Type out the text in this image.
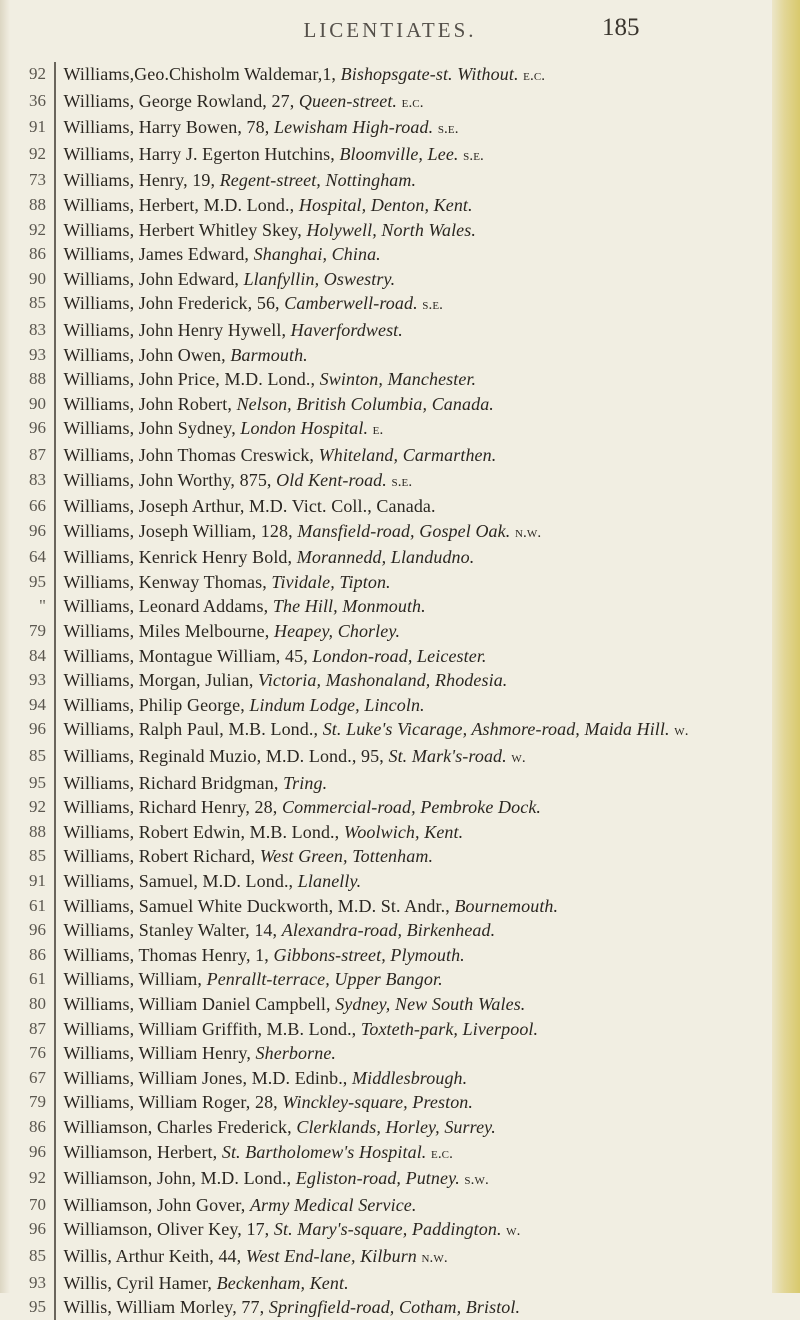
LICENTIATES.	185
92 Williams,Geo.Chisholm Waldemar,1, Bishopsgate-st. Without. e.c.
36 Williams, George Rowland, 27, Queen-street. e.c.
91 Williams, Harry Bowen, 78, Lewisham High-road. s.e.
92 Williams, Harry J. Egerton Hutchins, Bloomville, Lee. s.e.
73 Williams, Henry, 19, Regent-street, Nottingham.
88 Williams, Herbert, M.D. Lond., Hospital, Denton, Kent.
92 Williams, Herbert Whitley Skey, Holywell, North Wales.
86 Williams, James Edward, Shanghai, China.
90 Williams, John Edward, Llanfyllin, Oswestry.
85 Williams, John Frederick, 56, Camberwell-road. s.e.
83 Williams, John Henry Hywell, Haverfordwest.
93 Williams, John Owen, Barmouth.
88 Williams, John Price, M.D. Lond., Swinton, Manchester.
90 Williams, John Robert, Nelson, British Columbia, Canada.
96 Williams, John Sydney, London Hospital. e.
87 Williams, John Thomas Creswick, Whiteland, Carmarthen.
83 Williams, John Worthy, 875, Old Kent-road. s.e.
66 Williams, Joseph Arthur, M.D. Vict. Coll., Canada.
96 Williams, Joseph William, 128, Mansfield-road, Gospel Oak. n.w.
64 Williams, Kenrick Henry Bold, Morannedd, Llandudno.
95 Williams, Kenway Thomas, Tividale, Tipton.
" Williams, Leonard Addams, The Hill, Monmouth.
79 Williams, Miles Melbourne, Heapey, Chorley.
84 Williams, Montague William, 45, London-road, Leicester.
93 Williams, Morgan, Julian, Victoria, Mashonaland, Rhodesia.
94 Williams, Philip George, Lindum Lodge, Lincoln.
96 Williams, Ralph Paul, M.B. Lond., St. Luke's Vicarage, Ashmore-road, Maida Hill. w.
85 Williams, Reginald Muzio, M.D. Lond., 95, St. Mark's-road. w.
95 Williams, Richard Bridgman, Tring.
92 Williams, Richard Henry, 28, Commercial-road, Pembroke Dock.
88 Williams, Robert Edwin, M.B. Lond., Woolwich, Kent.
85 Williams, Robert Richard, West Green, Tottenham.
91 Williams, Samuel, M.D. Lond., Llanelly.
61 Williams, Samuel White Duckworth, M.D. St. Andr., Bournemouth.
96 Williams, Stanley Walter, 14, Alexandra-road, Birkenhead.
86 Williams, Thomas Henry, 1, Gibbons-street, Plymouth.
61 Williams, William, Penrallt-terrace, Upper Bangor.
80 Williams, William Daniel Campbell, Sydney, New South Wales.
87 Williams, William Griffith, M.B. Lond., Toxteth-park, Liverpool.
76 Williams, William Henry, Sherborne.
67 Williams, William Jones, M.D. Edinb., Middlesbrough.
79 Williams, William Roger, 28, Winckley-square, Preston.
86 Williamson, Charles Frederick, Clerklands, Horley, Surrey.
96 Williamson, Herbert, St. Bartholomew's Hospital. e.c.
92 Williamson, John, M.D. Lond., Egliston-road, Putney. s.w.
70 Williamson, John Gover, Army Medical Service.
96 Williamson, Oliver Key, 17, St. Mary's-square, Paddington. w.
85 Willis, Arthur Keith, 44, West End-lane, Kilburn n.w.
93 Willis, Cyril Hamer, Beckenham, Kent.
95 Willis, William Morley, 77, Springfield-road, Cotham, Bristol.
